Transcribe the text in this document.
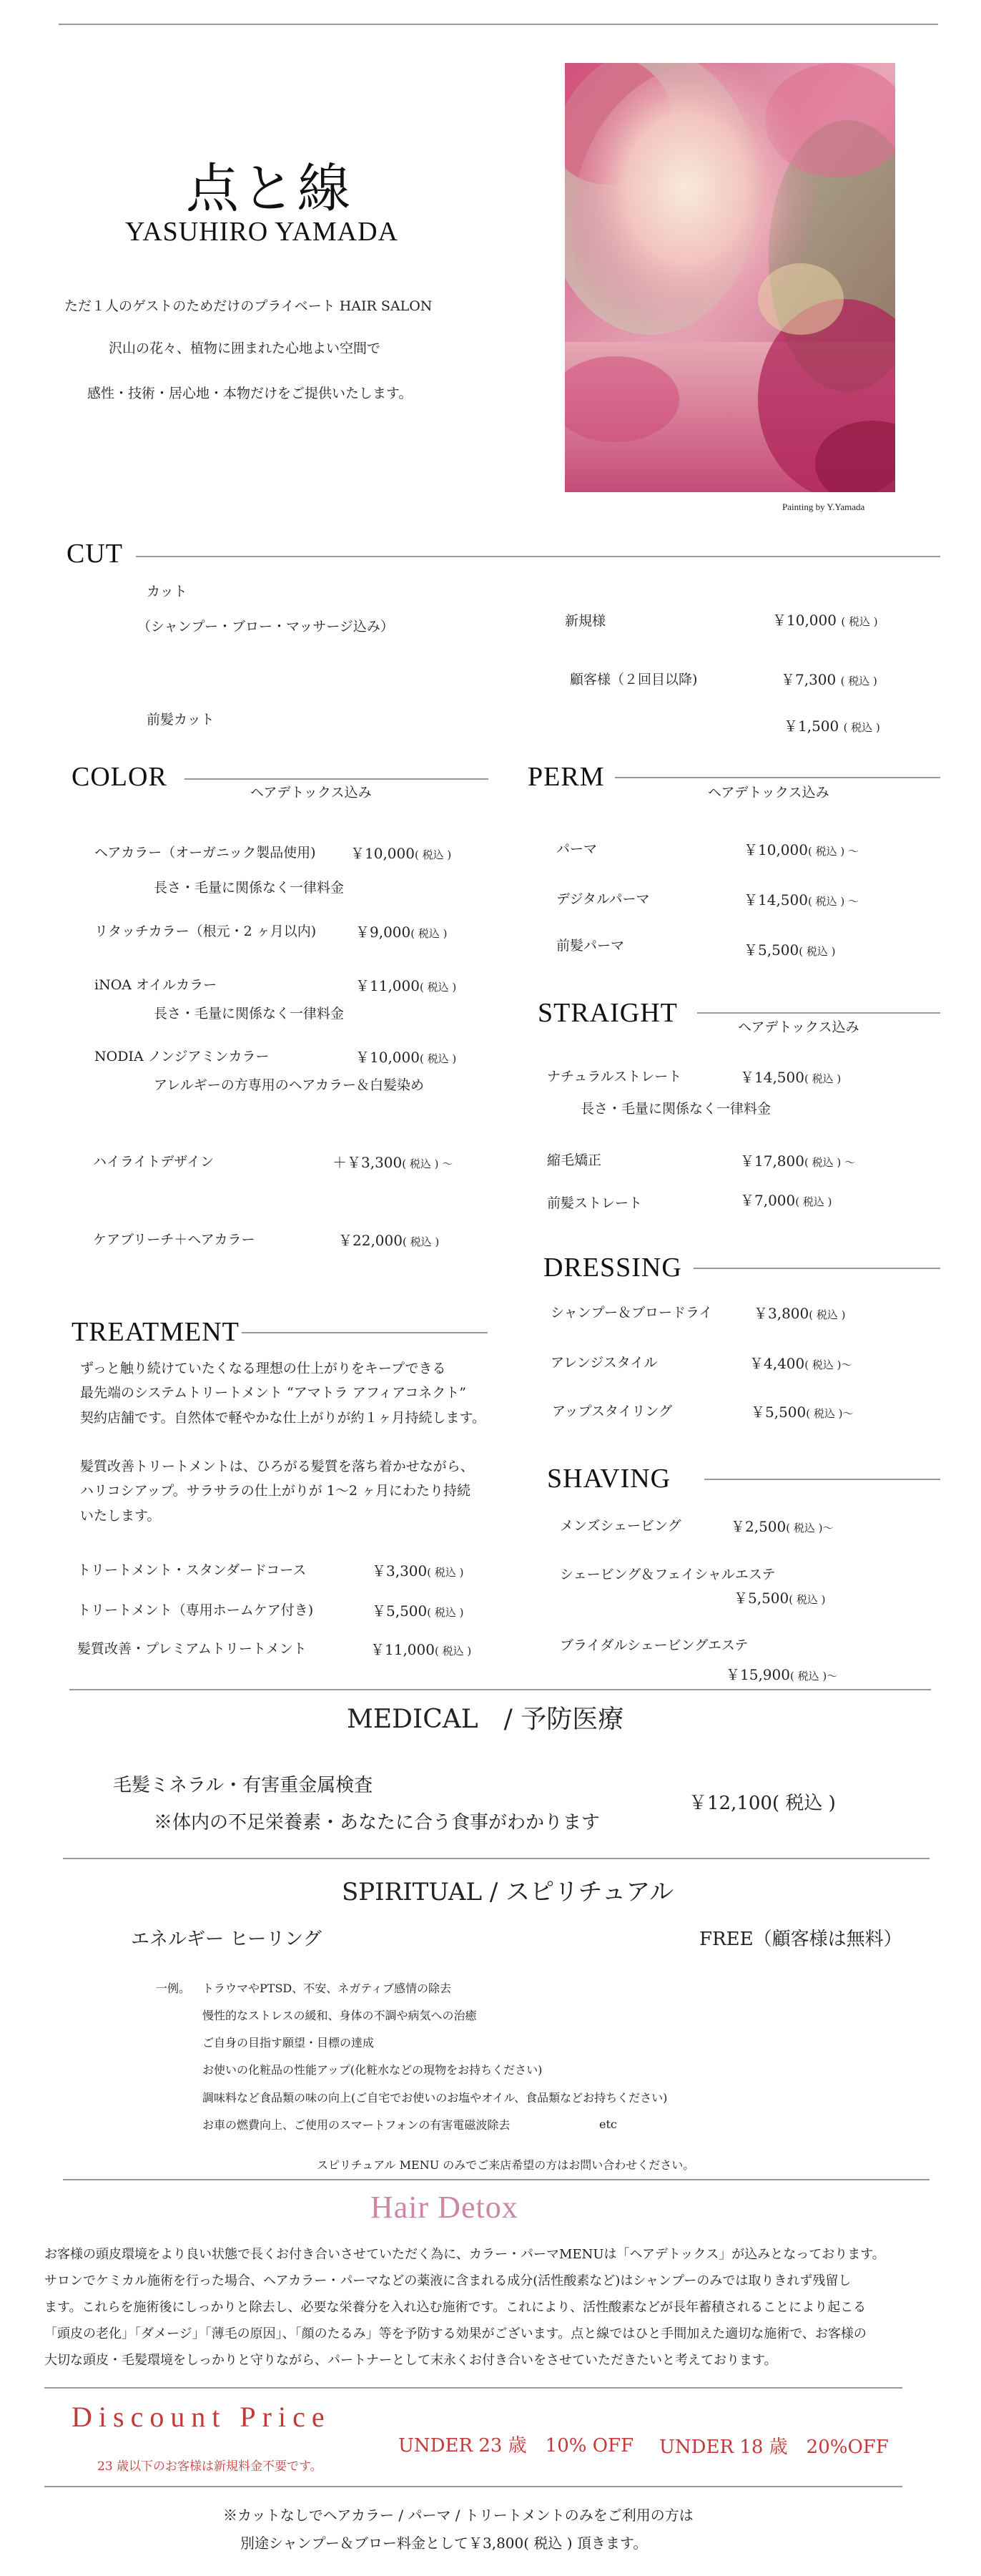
点と線
YASUHIRO YAMADA
ただ１人のゲストのためだけのプライベート HAIR SALON
沢山の花々、植物に囲まれた心地よい空間で
感性・技術・居心地・本物だけをご提供いたします。
Painting by Y.Yamada
CUT
カット
（シャンプー・ブロー・マッサージ込み）	新規様	￥10,000 ( 税込 )
顧客様（２回目以降)	￥7,300 ( 税込 )
前髪カット	￥1,500 ( 税込 )
COLOR
ヘアデトックス込み
ヘアカラー（オーガニック製品使用) ￥10,000( 税込 )
長さ・毛量に関係なく一律料金
リタッチカラー（根元・2 ヶ月以内)	￥9,000( 税込 )
iNOA オイルカラー	￥11,000( 税込 )
長さ・毛量に関係なく一律料金
NODIA ノンジアミンカラー	￥10,000( 税込 )
アレルギーの方専用のヘアカラー＆白髪染め
ハイライトデザイン	＋￥3,300( 税込 ) 〜
ケアブリーチ＋ヘアカラー	￥22,000( 税込 )
PERM
ヘアデトックス込み
パーマ	￥10,000( 税込 ) 〜
デジタルパーマ	￥14,500( 税込 ) 〜
前髪パーマ	￥5,500( 税込 )
STRAIGHT	ヘアデトックス込み
ナチュラルストレート	￥14,500( 税込 )
長さ・毛量に関係なく一律料金
縮毛矯正	￥17,800( 税込 ) 〜
前髪ストレート	￥7,000( 税込 )
DRESSING
シャンプー＆ブロードライ	￥3,800( 税込 )
アレンジスタイル	￥4,400( 税込 )〜
アップスタイリング	￥5,500( 税込 )〜
TREATMENT
ずっと触り続けていたくなる理想の仕上がりをキープできる
最先端のシステムトリートメント “アマトラ アフィアコネクト”
契約店舗です。自然体で軽やかな仕上がりが約１ヶ月持続します。
髪質改善トリートメントは、ひろがる髪質を落ち着かせながら、
ハリコシアップ。サラサラの仕上がりが 1〜2 ヶ月にわたり持続
いたします。
トリートメント・スタンダードコース	￥3,300( 税込 )
トリートメント（専用ホームケア付き)	￥5,500( 税込 )
髪質改善・プレミアムトリートメント	￥11,000( 税込 )
SHAVING
メンズシェービング	￥2,500( 税込 )〜
シェービング＆フェイシャルエステ
￥5,500( 税込 )
ブライダルシェービングエステ
￥15,900( 税込 )〜
MEDICAL　/ 予防医療
毛髪ミネラル・有害重金属検査
※体内の不足栄養素・あなたに合う食事がわかります
￥12,100( 税込 )
SPIRITUAL / スピリチュアル
エネルギー ヒーリング	FREE（顧客様は無料）
一例。 トラウマやPTSD、不安、ネガティブ感情の除去
慢性的なストレスの緩和、身体の不調や病気への治癒
ご自身の目指す願望・目標の達成
お使いの化粧品の性能アップ(化粧水などの現物をお持ちください)
調味料など食品類の味の向上(ご自宅でお使いのお塩やオイル、食品類などお持ちください)
お車の燃費向上、ご使用のスマートフォンの有害電磁波除去	etc
スピリチュアル MENU のみでご来店希望の方はお問い合わせください。
Hair Detox
お客様の頭皮環境をより良い状態で長くお付き合いさせていただく為に、カラー・パーマMENUは「ヘアデトックス」が込みとなっております。
サロンでケミカル施術を行った場合、ヘアカラー・パーマなどの薬液に含まれる成分(活性酸素など)はシャンプーのみでは取りきれず残留し
ます。これらを施術後にしっかりと除去し、必要な栄養分を入れ込む施術です。これにより、活性酸素などが長年蓄積されることにより起こる
「頭皮の老化」「ダメージ」「薄毛の原因」、「顔のたるみ」等を予防する効果がございます。点と線ではひと手間加えた適切な施術で、お客様の
大切な頭皮・毛髪環境をしっかりと守りながら、パートナーとして末永くお付き合いをさせていただきたいと考えております。
Discount Price
23 歳以下のお客様は新規料金不要です。
UNDER 23 歳　10% OFF UNDER 18 歳　20%OFF
※カットなしでヘアカラー / パーマ / トリートメントのみをご利用の方は
別途シャンプー＆ブロー料金として￥3,800( 税込 ) 頂きます。
